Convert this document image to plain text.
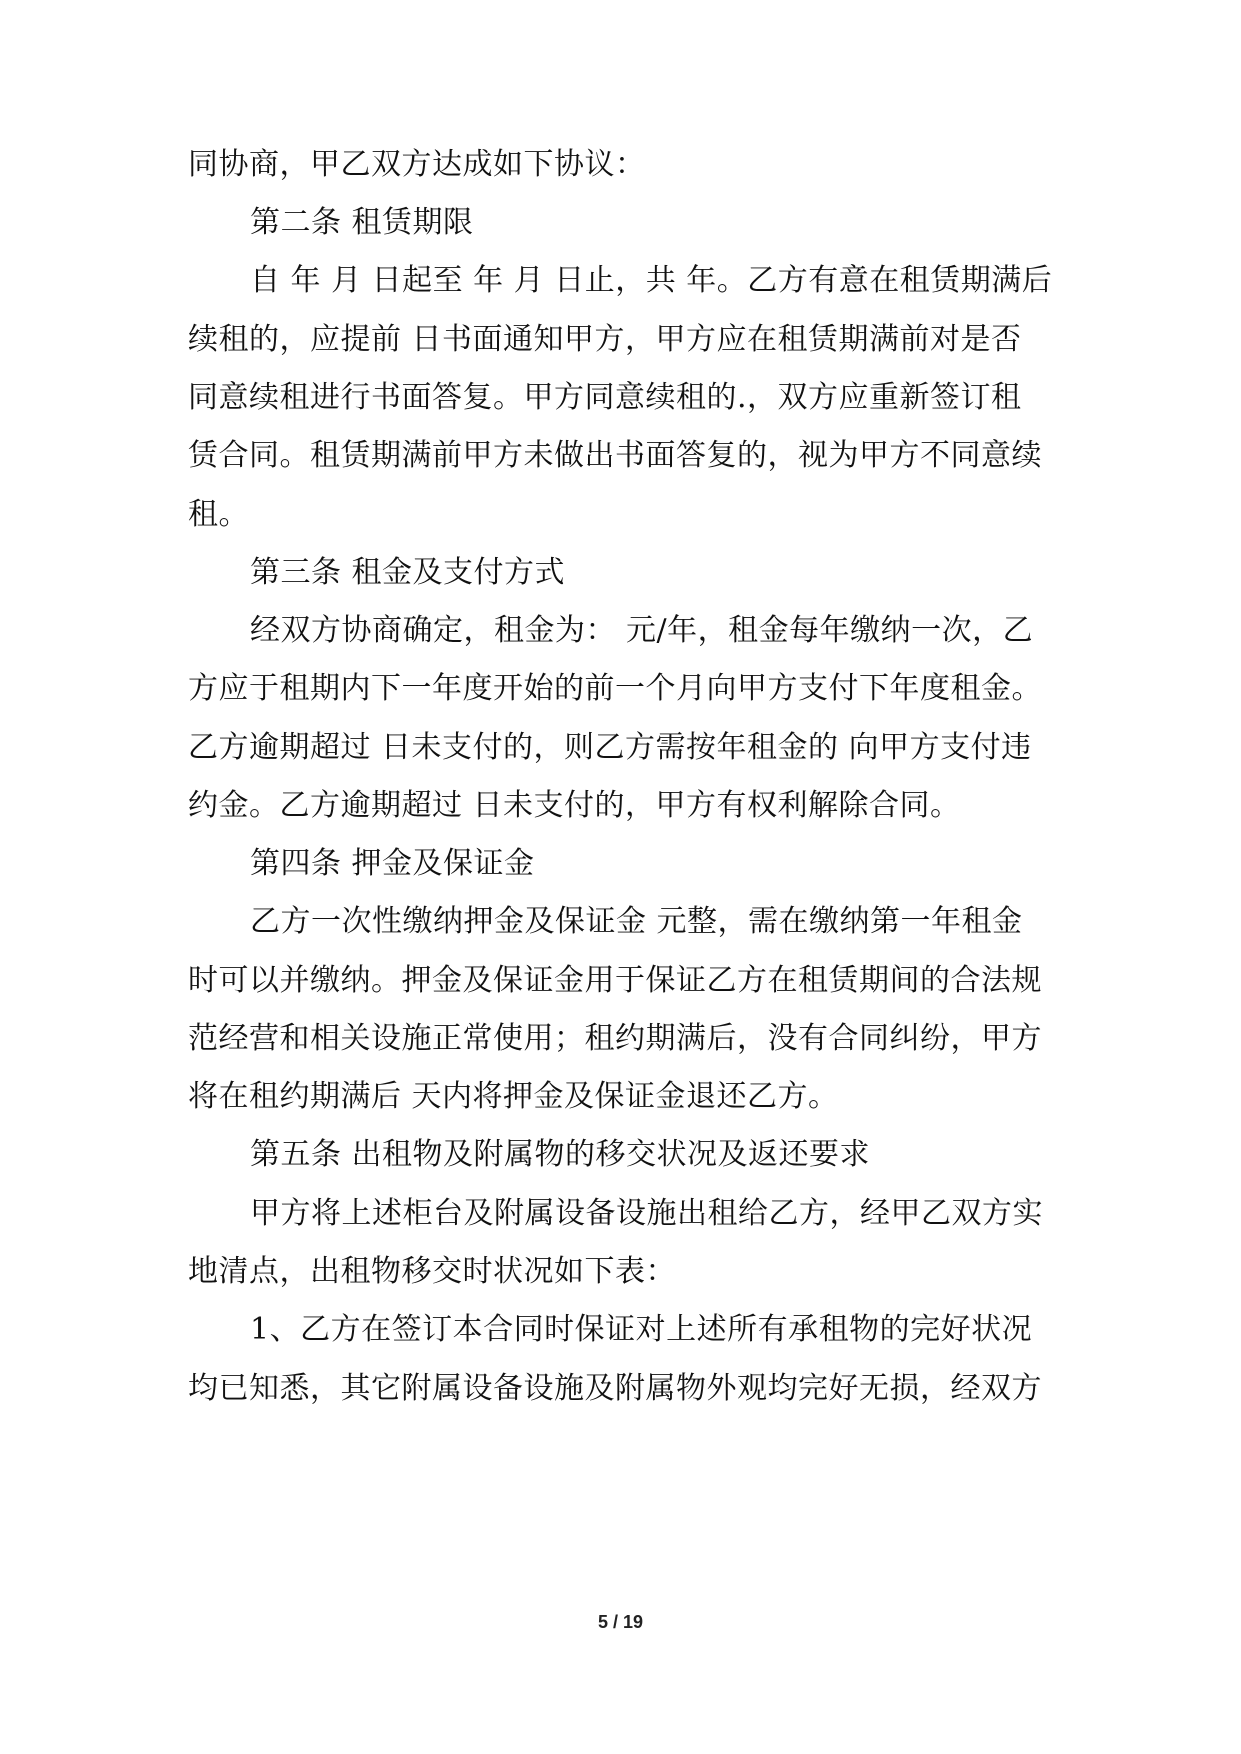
同协商，甲乙双方达成如下协议：
第二条 租赁期限
自 年 月 日起至 年 月 日止，共 年。乙方有意在租赁期满后
续租的，应提前 日书面通知甲方，甲方应在租赁期满前对是否
同意续租进行书面答复。甲方同意续租的.，双方应重新签订租
赁合同。租赁期满前甲方未做出书面答复的，视为甲方不同意续
租。
第三条 租金及支付方式
经双方协商确定，租金为： 元/年，租金每年缴纳一次，乙
方应于租期内下一年度开始的前一个月向甲方支付下年度租金。
乙方逾期超过 日未支付的，则乙方需按年租金的 向甲方支付违
约金。乙方逾期超过 日未支付的，甲方有权利解除合同。
第四条 押金及保证金
乙方一次性缴纳押金及保证金 元整，需在缴纳第一年租金
时可以并缴纳。押金及保证金用于保证乙方在租赁期间的合法规
范经营和相关设施正常使用；租约期满后，没有合同纠纷，甲方
将在租约期满后 天内将押金及保证金退还乙方。
第五条 出租物及附属物的移交状况及返还要求
甲方将上述柜台及附属设备设施出租给乙方，经甲乙双方实
地清点，出租物移交时状况如下表：
1、乙方在签订本合同时保证对上述所有承租物的完好状况
均已知悉，其它附属设备设施及附属物外观均完好无损，经双方
5 / 19
